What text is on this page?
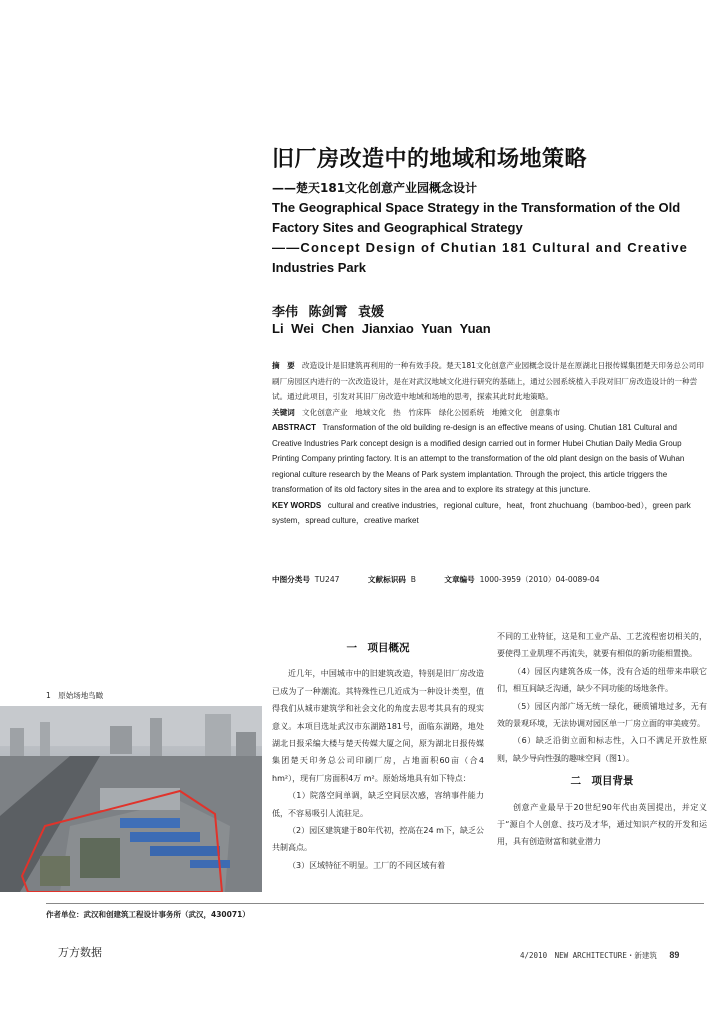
旧厂房改造中的地域和场地策略
——楚天181文化创意产业园概念设计
The Geographical Space Strategy in the Transformation of the Old
Factory Sites and Geographical Strategy
——Concept Design of Chutian 181 Cultural and Creative
Industries Park
李伟 陈剑霄 袁媛
Li Wei Chen Jianxiao Yuan Yuan
摘　要 改造设计是旧建筑再利用的一种有效手段。楚天181文化创意产业园概念设计是在原湖北日报传媒集团楚天印务总公司印刷厂房园区内进行的一次改造设计，是在对武汉地域文化进行研究的基础上，通过公园系统植入手段对旧厂房改造设计的一种尝试。通过此项目，引发对其旧厂房改造中地域和场地的思考，探索其此时此地策略。
关键词 文化创意产业　地域文化　热　竹床阵　绿化公园系统　地摊文化　创意集市
ABSTRACT Transformation of the old building re-design is an effective means of using. Chutian 181 Cultural and Creative Industries Park concept design is a modified design carried out in former Hubei Chutian Daily Media Group Printing Company printing factory. It is an attempt to the transformation of the old plant design on the basis of Wuhan regional culture research by the Means of Park system implantation. Through the project, this article triggers the transformation of its old factory sites in the area and to explore its strategy at this juncture.
KEY WORDS cultural and creative industries，regional culture，heat，front zhuchuang（bamboo-bed），green park system，spread culture，creative market
中图分类号 TU247	文献标识码 B	文章编号 1000-3959（2010）04-0089-04
1　原始场地鸟瞰
一　项目概况

近几年，中国城市中的旧建筑改造，特别是旧厂房改造已成为了一种潮流。其特殊性已几近成为一种设计类型，值得我们从城市建筑学和社会文化的角度去思考其具有的现实意义。本项目选址武汉市东湖路181号，面临东湖路，地处湖北日报采编大楼与楚天传媒大厦之间，原为湖北日报传媒集团楚天印务总公司印刷厂房，占地面积60亩（合4 hm²），现有厂房面积4万 m²。原始场地具有如下特点：

（1）院落空间单调，缺乏空间层次感，容纳事件能力低，不容易吸引人流驻足。

（2）园区建筑建于80年代初，控高在24 m下，缺乏公共制高点。

（3）区域特征不明显。工厂的不同区域有着

不同的工业特征，这是和工业产品、工艺流程密切相关的，要使得工业肌理不再流失，就要有相似的新功能相置换。

（4）园区内建筑各成一体，没有合适的纽带来串联它们，相互间缺乏沟通，缺少不同功能的场地条件。

（5）园区内部广场无统一绿化，硬质铺地过多，无有效的景观环境，无法协调对园区单一厂房立面的审美疲劳。

（6）缺乏沿街立面和标志性，入口不满足开放性原则，缺少导向性强的趣味空间（图1）。

二　项目背景

创意产业最早于20世纪90年代由英国提出，并定义于“源自个人创意、技巧及才华，通过知识产权的开发和运用，具有创造财富和就业潜力

作者单位：武汉和创建筑工程设计事务所（武汉，430071）
万方数据	4/2010　NEW ARCHITECTURE・新建筑 89
